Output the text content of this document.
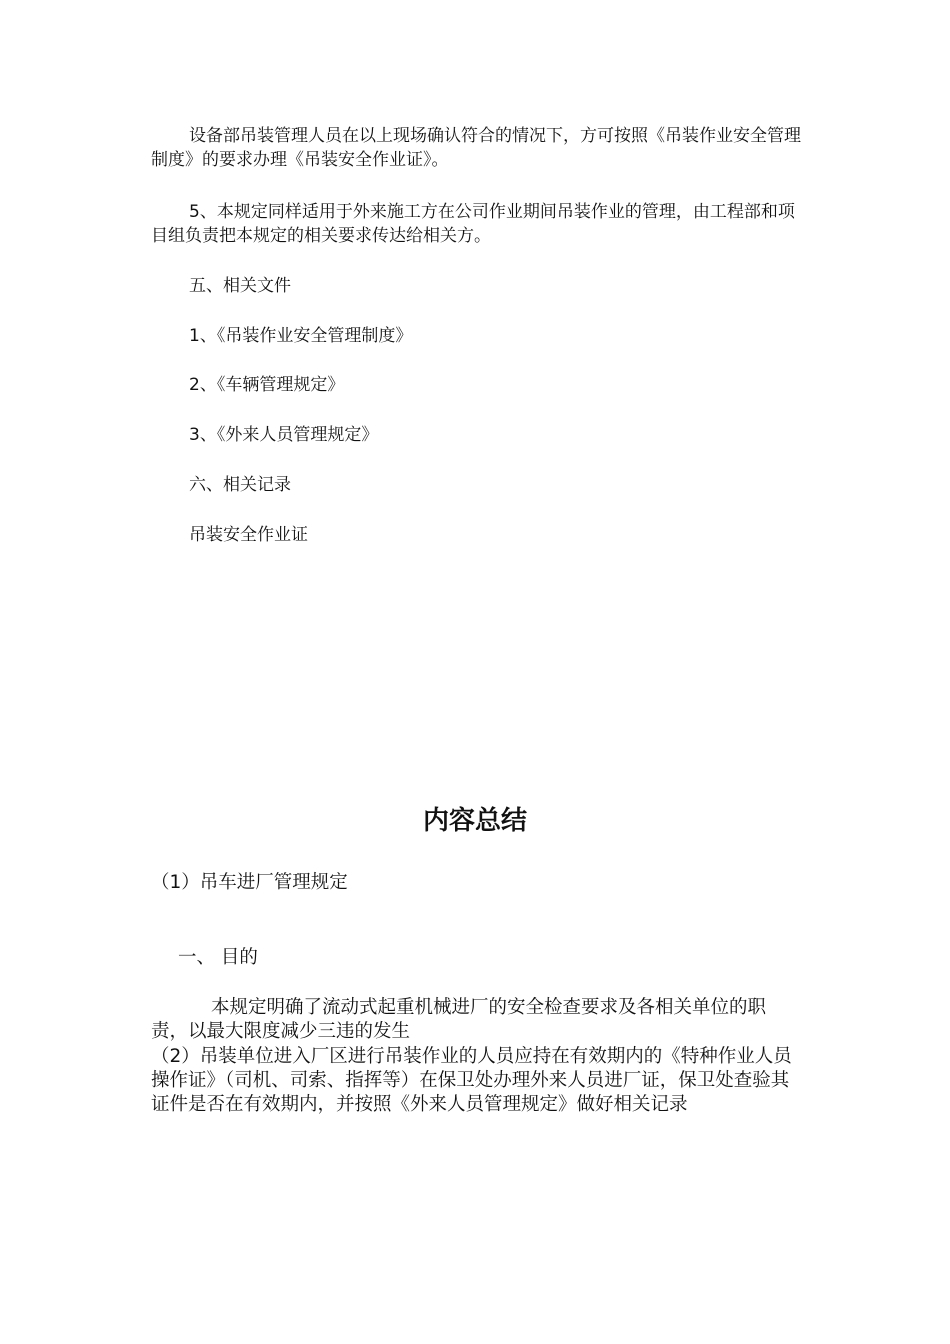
设备部吊装管理人员在以上现场确认符合的情况下，方可按照《吊装作业安全管理制度》的要求办理《吊装安全作业证》。

5、本规定同样适用于外来施工方在公司作业期间吊装作业的管理，由工程部和项目组负责把本规定的相关要求传达给相关方。

五、相关文件

1、《吊装作业安全管理制度》

2、《车辆管理规定》

3、《外来人员管理规定》

六、相关记录

吊装安全作业证

内容总结

（1）吊车进厂管理规定

一、 目的

本规定明确了流动式起重机械进厂的安全检查要求及各相关单位的职责，以最大限度减少三违的发生

（2）吊装单位进入厂区进行吊装作业的人员应持在有效期内的《特种作业人员操作证》（司机、司索、指挥等）在保卫处办理外来人员进厂证，保卫处查验其证件是否在有效期内，并按照《外来人员管理规定》做好相关记录
